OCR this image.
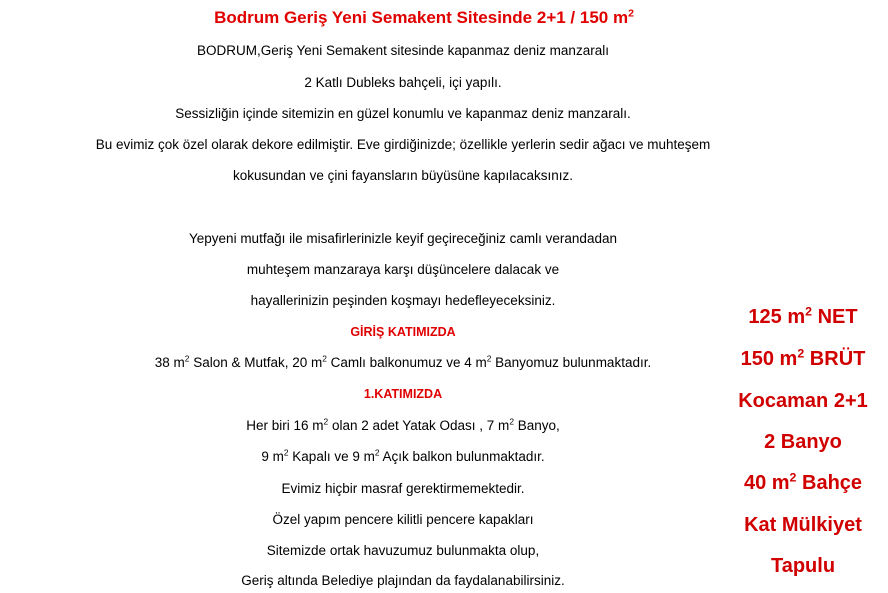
Bodrum Geriş Yeni Semakent Sitesinde 2+1 / 150 $m^2$
BODRUM,Geriş Yeni Semakent sitesinde kapanmaz deniz manzaralı
2 Katlı Dubleks bahçeli, içi yapılı.
Sessizliğin içinde sitemizin en güzel konumlu ve kapanmaz deniz manzaralı.
Bu evimiz çok özel olarak dekore edilmiştir. Eve girdiğinizde; özellikle yerlerin sedir ağacı ve muhteşem
kokusundan ve çini fayansların büyüsüne kapılacaksınız.
Yepyeni mutfağı ile misafirlerinizle keyif geçireceğiniz camlı verandadan
muhteşem manzaraya karşı düşüncelere dalacak ve
hayallerinizin peşinden koşmayı hedefleyeceksiniz.
GİRİŞ KATIMIZDA
38 $m^2$ Salon & Mutfak, 20 $m^2$ Camlı balkonumuz ve 4 $m^2$ Banyomuz bulunmaktadır.
1.KATIMIZDA
Her biri 16 $m^2$ olan 2 adet Yatak Odası , 7 $m^2$ Banyo,
9 $m^2$ Kapalı ve 9 $m^2$ Açık balkon bulunmaktadır.
Evimiz hiçbir masraf gerektirmemektedir.
Özel yapım pencere kilitli pencere kapakları
Sitemizde ortak havuzumuz bulunmakta olup,
Geriş altında Belediye plajından da faydalanabilirsiniz.
125 $m^2$ NET
150 $m^2$ BRÜT
Kocaman 2+1
2 Banyo
40 $m^2$ Bahçe
Kat Mülkiyet
Tapulu
